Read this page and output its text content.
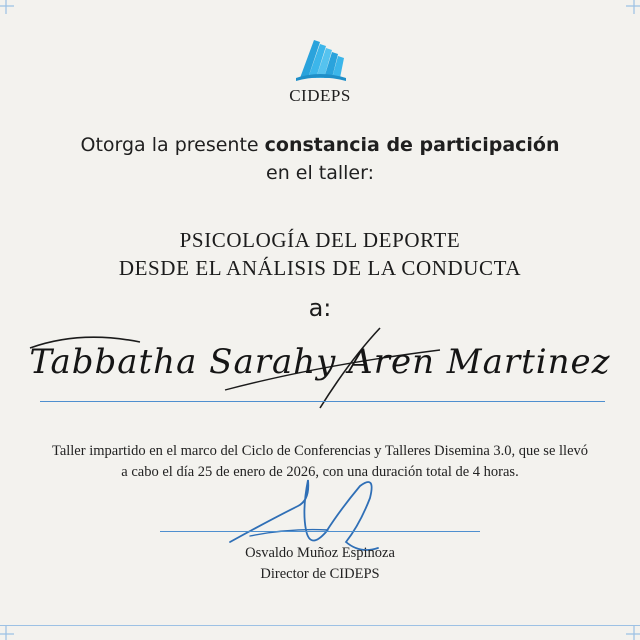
CIDEPS
Otorga la presente constancia de participación
en el taller:
PSICOLOGÍA DEL DEPORTE
DESDE EL ANÁLISIS DE LA CONDUCTA
a:
Tabbatha Sarahy Aren Martinez
Taller impartido en el marco del Ciclo de Conferencias y Talleres Disemina 3.0, que se llevó
a cabo el día 25 de enero de 2026, con una duración total de 4 horas.
Osvaldo Muñoz Espinoza
Director de CIDEPS
